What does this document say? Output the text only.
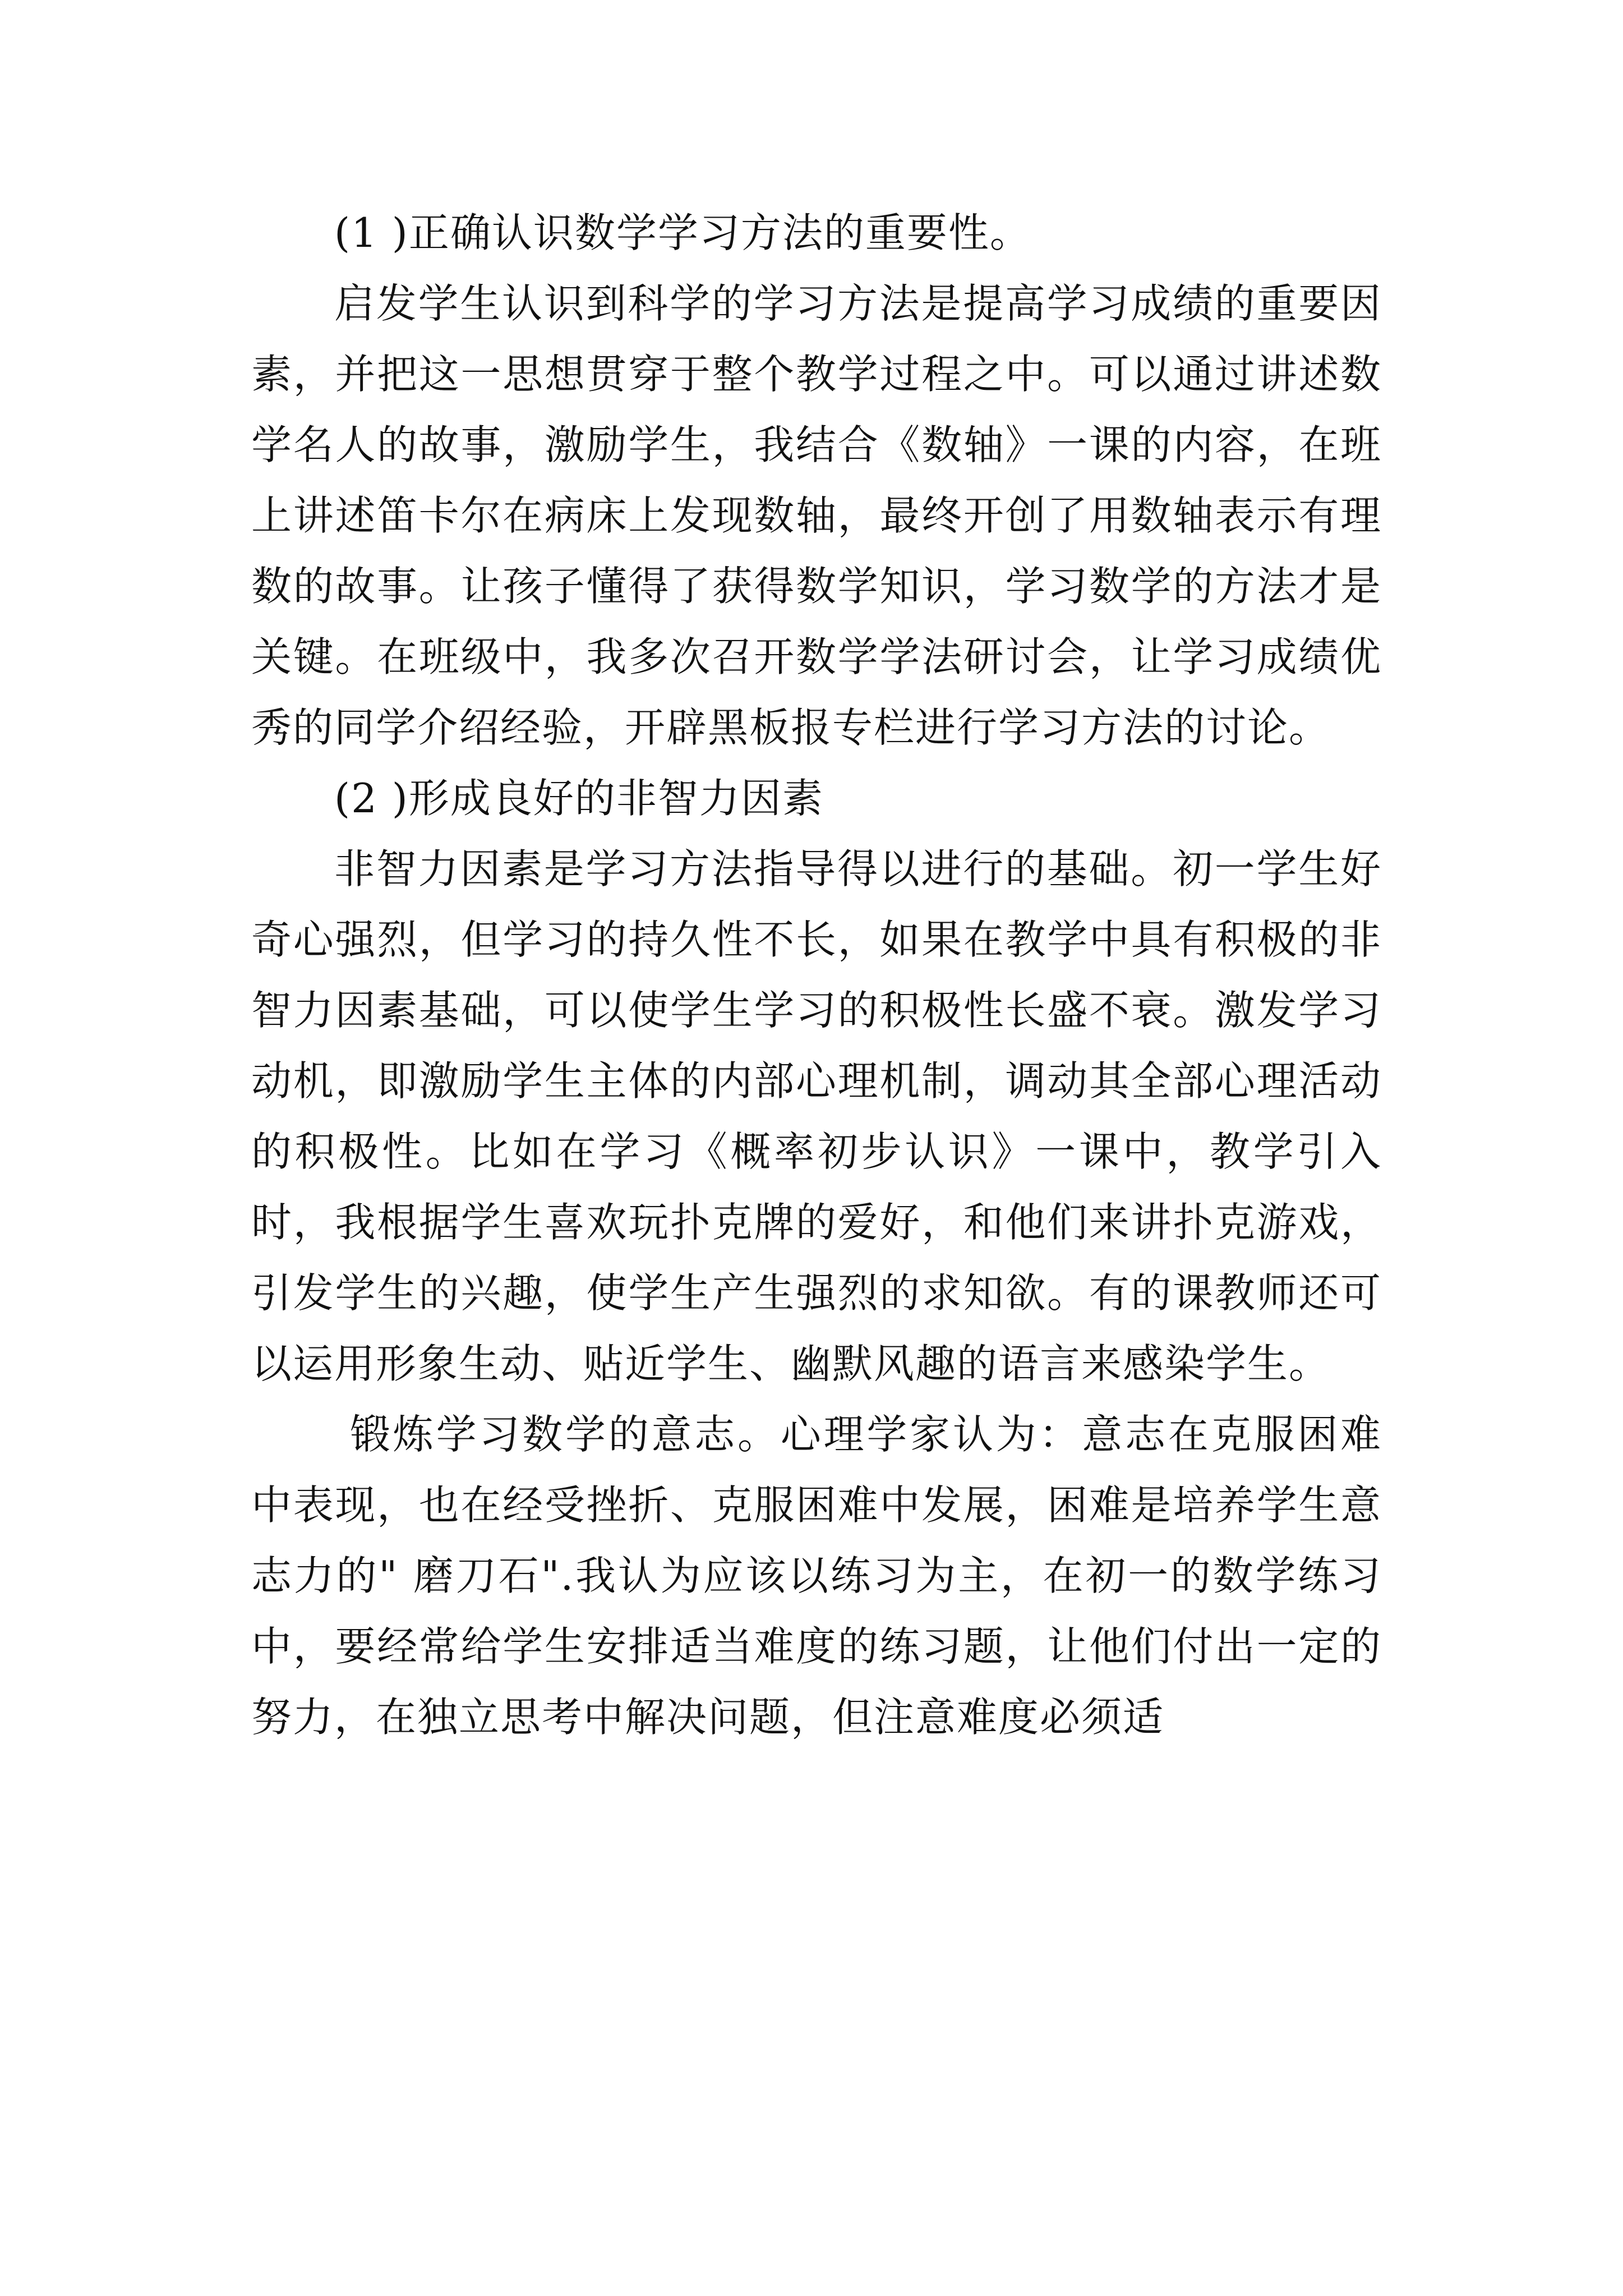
(1 )正确认识数学学习方法的重要性。

启发学生认识到科学的学习方法是提高学习成绩的重要因素，并把这一思想贯穿于整个教学过程之中。可以通过讲述数学名人的故事，激励学生，我结合《数轴》一课的内容，在班上讲述笛卡尔在病床上发现数轴，最终开创了用数轴表示有理数的故事。让孩子懂得了获得数学知识，学习数学的方法才是关键。在班级中，我多次召开数学学法研讨会，让学习成绩优秀的同学介绍经验，开辟黑板报专栏进行学习方法的讨论。

(2 )形成良好的非智力因素

非智力因素是学习方法指导得以进行的基础。初一学生好奇心强烈，但学习的持久性不长，如果在教学中具有积极的非智力因素基础，可以使学生学习的积极性长盛不衰。激发学习动机，即激励学生主体的内部心理机制，调动其全部心理活动的积极性。比如在学习《概率初步认识》一课中，教学引入时，我根据学生喜欢玩扑克牌的爱好，和他们来讲扑克游戏，引发学生的兴趣，使学生产生强烈的求知欲。有的课教师还可以运用形象生动、贴近学生、幽默风趣的语言来感染学生。

锻炼学习数学的意志。心理学家认为：意志在克服困难中表现，也在经受挫折、克服困难中发展，困难是培养学生意志力的" 磨刀石".我认为应该以练习为主，在初一的数学练习中，要经常给学生安排适当难度的练习题，让他们付出一定的努力，在独立思考中解决问题，但注意难度必须适
